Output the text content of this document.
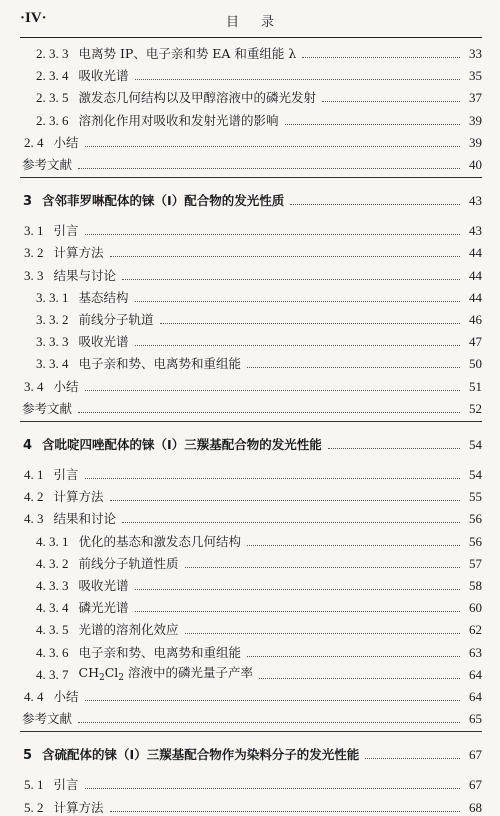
·IV·	目录
2. 3. 3 电离势 IP、电子亲和势 EA 和重组能 λ	33
2. 3. 4 吸收光谱	35
2. 3. 5 激发态几何结构以及甲醇溶液中的磷光发射	37
2. 3. 6 溶剂化作用对吸收和发射光谱的影响	39
2. 4 小结	39
参考文献	40
3 含邻菲罗啉配体的铼（Ⅰ）配合物的发光性质	43
3. 1 引言	43
3. 2 计算方法	44
3. 3 结果与讨论	44
3. 3. 1 基态结构	44
3. 3. 2 前线分子轨道	46
3. 3. 3 吸收光谱	47
3. 3. 4 电子亲和势、电离势和重组能	50
3. 4 小结	51
参考文献	52
4 含吡啶四唑配体的铼（Ⅰ）三羰基配合物的发光性能	54
4. 1 引言	54
4. 2 计算方法	55
4. 3 结果和讨论	56
4. 3. 1 优化的基态和激发态几何结构	56
4. 3. 2 前线分子轨道性质	57
4. 3. 3 吸收光谱	58
4. 3. 4 磷光光谱	60
4. 3. 5 光谱的溶剂化效应	62
4. 3. 6 电子亲和势、电离势和重组能	63
4. 3. 7 $CH_2Cl_2$ 溶液中的磷光量子产率	64
4. 4 小结	64
参考文献	65
5 含硫配体的铼（Ⅰ）三羰基配合物作为染料分子的发光性能	67
5. 1 引言	67
5. 2 计算方法	68
